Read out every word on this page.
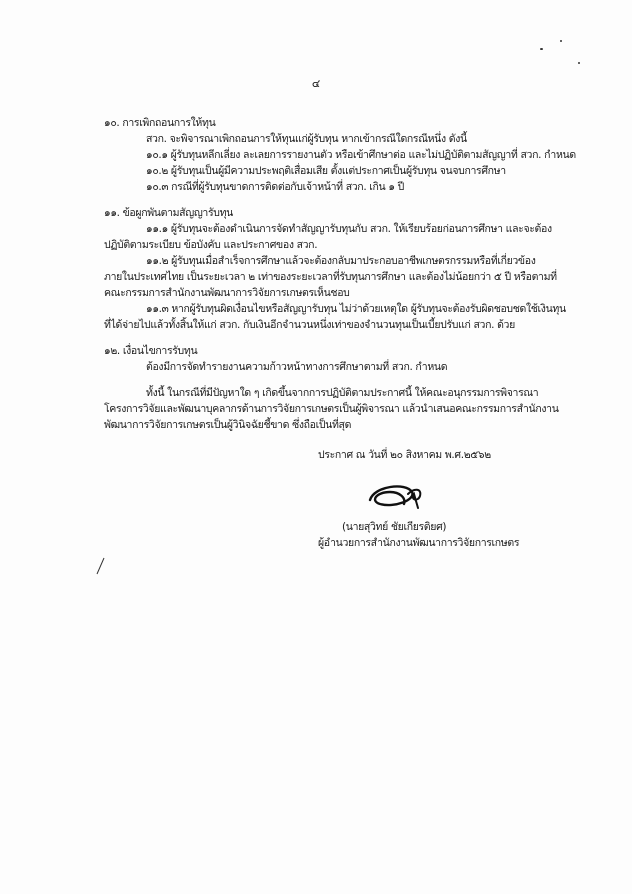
๔
๑๐. การเพิกถอนการให้ทุน
สวก. จะพิจารณาเพิกถอนการให้ทุนแก่ผู้รับทุน หากเข้ากรณีใดกรณีหนึ่ง ดังนี้
๑๐.๑ ผู้รับทุนหลีกเลี่ยง ละเลยการรายงานตัว หรือเข้าศึกษาต่อ และไม่ปฏิบัติตามสัญญาที่ สวก. กำหนด
๑๐.๒ ผู้รับทุนเป็นผู้มีความประพฤติเสื่อมเสีย ตั้งแต่ประกาศเป็นผู้รับทุน จนจบการศึกษา
๑๐.๓ กรณีที่ผู้รับทุนขาดการติดต่อกับเจ้าหน้าที่ สวก. เกิน ๑ ปี
๑๑. ข้อผูกพันตามสัญญารับทุน
๑๑.๑ ผู้รับทุนจะต้องดำเนินการจัดทำสัญญารับทุนกับ สวก. ให้เรียบร้อยก่อนการศึกษา และจะต้อง
ปฏิบัติตามระเบียบ ข้อบังคับ และประกาศของ สวก.
๑๑.๒ ผู้รับทุนเมื่อสำเร็จการศึกษาแล้วจะต้องกลับมาประกอบอาชีพเกษตรกรรมหรือที่เกี่ยวข้อง
ภายในประเทศไทย เป็นระยะเวลา ๒ เท่าของระยะเวลาที่รับทุนการศึกษา และต้องไม่น้อยกว่า ๕ ปี หรือตามที่
คณะกรรมการสำนักงานพัฒนาการวิจัยการเกษตรเห็นชอบ
๑๑.๓ หากผู้รับทุนผิดเงื่อนไขหรือสัญญารับทุน ไม่ว่าด้วยเหตุใด ผู้รับทุนจะต้องรับผิดชอบชดใช้เงินทุน
ที่ได้จ่ายไปแล้วทั้งสิ้นให้แก่ สวก. กับเงินอีกจำนวนหนึ่งเท่าของจำนวนทุนเป็นเบี้ยปรับแก่ สวก. ด้วย
๑๒. เงื่อนไขการรับทุน
ต้องมีการจัดทำรายงานความก้าวหน้าทางการศึกษาตามที่ สวก. กำหนด
ทั้งนี้ ในกรณีที่มีปัญหาใด ๆ เกิดขึ้นจากการปฏิบัติตามประกาศนี้ ให้คณะอนุกรรมการพิจารณา
โครงการวิจัยและพัฒนาบุคลากรด้านการวิจัยการเกษตรเป็นผู้พิจารณา แล้วนำเสนอคณะกรรมการสำนักงาน
พัฒนาการวิจัยการเกษตรเป็นผู้วินิจฉัยชี้ขาด ซึ่งถือเป็นที่สุด
ประกาศ ณ วันที่ ๒๐ สิงหาคม พ.ศ.๒๕๖๒
(นายสุวิทย์ ชัยเกียรติยศ)
ผู้อำนวยการสำนักงานพัฒนาการวิจัยการเกษตร
